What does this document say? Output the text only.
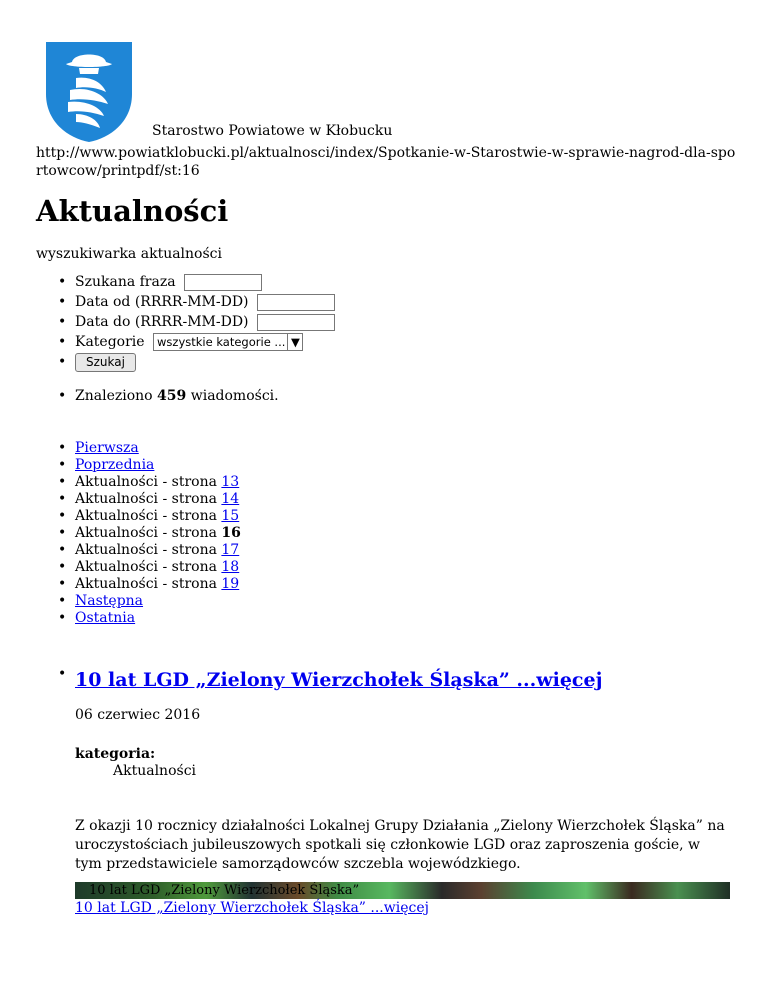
Starostwo Powiatowe w Kłobucku
http://www.powiatklobucki.pl/aktualnosci/index/Spotkanie-w-Starostwie-w-sprawie-nagrod-dla-sportowcow/printpdf/st:16
Aktualności
wyszukiwarka aktualności
• Szukana fraza
• Data od (RRRR-MM-DD)
• Data do (RRRR-MM-DD)
• Kategorie wszystkie kategorie ... ▼
• Szukaj
• Znaleziono 459 wiadomości.
• Pierwsza
• Poprzednia
• Aktualności - strona 13
• Aktualności - strona 14
• Aktualności - strona 15
• Aktualności - strona 16
• Aktualności - strona 17
• Aktualności - strona 18
• Aktualności - strona 19
• Następna
• Ostatnia
• 10 lat LGD „Zielony Wierzchołek Śląska” ...więcej
06 czerwiec 2016
kategoria:
Aktualności
Z okazji 10 rocznicy działalności Lokalnej Grupy Działania „Zielony Wierzchołek Śląska” na uroczystościach jubileuszowych spotkali się członkowie LGD oraz zaproszenia goście, w tym przedstawiciele samorządowców szczebla wojewódzkiego.
10 lat LGD „Zielony Wierzchołek Śląska”
10 lat LGD „Zielony Wierzchołek Śląska” ...więcej
